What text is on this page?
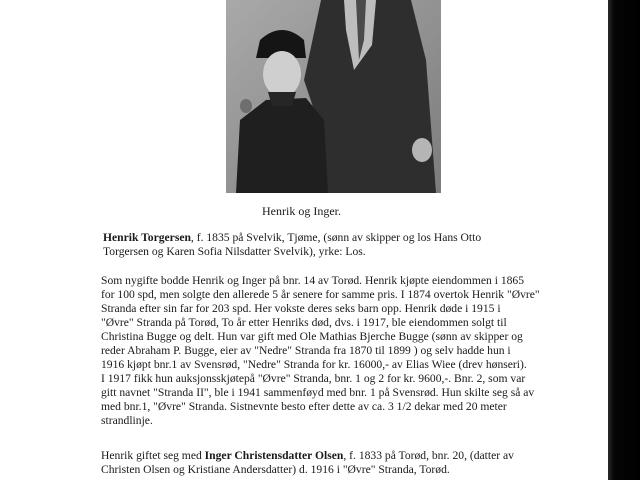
Henrik og Inger.
Henrik Torgersen, f. 1835 på Svelvik, Tjøme, (sønn av skipper og los Hans Otto
Torgersen og Karen Sofia Nilsdatter Svelvik), yrke: Los.
Som nygifte bodde Henrik og Inger på bnr. 14 av Torød. Henrik kjøpte eiendommen i 1865
for 100 spd, men solgte den allerede 5 år senere for samme pris. I 1874 overtok Henrik "Øvre"
Stranda efter sin far for 203 spd. Her vokste deres seks barn opp. Henrik døde i 1915 i
"Øvre" Stranda på Torød, To år etter Henriks død, dvs. i 1917, ble eiendommen solgt til
Christina Bugge og delt. Hun var gift med Ole Mathias Bjerche Bugge (sønn av skipper og
reder Abraham P. Bugge, eier av "Nedre" Stranda fra 1870 til 1899 ) og selv hadde hun i
1916 kjøpt bnr.1 av Svensrød, "Nedre" Stranda for kr. 16000,- av Elias Wiee (drev hønseri).
I 1917 fikk hun auksjonsskjøtepå "Øvre" Stranda, bnr. 1 og 2 for kr. 9600,-. Bnr. 2, som var
gitt navnet "Stranda II", ble i 1941 sammenføyd med bnr. 1 på Svensrød. Hun skilte seg så av
med bnr.1, "Øvre" Stranda. Sistnevnte besto efter dette av ca. 3 1/2 dekar med 20 meter
strandlinje.
Henrik giftet seg med Inger Christensdatter Olsen, f. 1833 på Torød, bnr. 20, (datter av
Christen Olsen og Kristiane Andersdatter) d. 1916 i "Øvre" Stranda, Torød.
